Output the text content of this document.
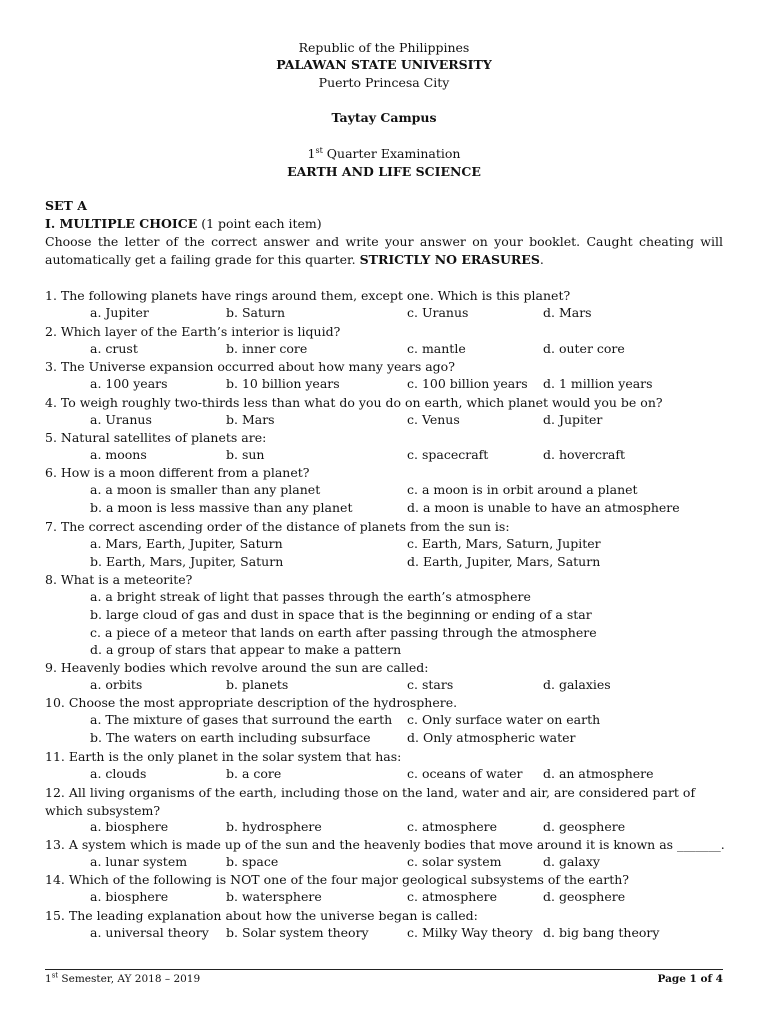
Republic of the Philippines
PALAWAN STATE UNIVERSITY
Puerto Princesa City
Taytay Campus
1st Quarter Examination
EARTH AND LIFE SCIENCE
SET A
I. MULTIPLE CHOICE (1 point each item)
Choose the letter of the correct answer and write your answer on your booklet. Caught cheating will automatically get a failing grade for this quarter. STRICTLY NO ERASURES.
1. The following planets have rings around them, except one. Which is this planet?
a. Jupiter	b. Saturn	c. Uranus	d. Mars
2. Which layer of the Earth’s interior is liquid?
a. crust	b. inner core	c. mantle	d. outer core
3. The Universe expansion occurred about how many years ago?
a. 100 years	b. 10 billion years	c. 100 billion years d. 1 million years
4. To weigh roughly two-thirds less than what do you do on earth, which planet would you be on?
a. Uranus	b. Mars	c. Venus	d. Jupiter
5. Natural satellites of planets are:
a. moons	b. sun	c. spacecraft	d. hovercraft
6. How is a moon different from a planet?
a. a moon is smaller than any planet	c. a moon is in orbit around a planet
b. a moon is less massive than any planet	d. a moon is unable to have an atmosphere
7. The correct ascending order of the distance of planets from the sun is:
a. Mars, Earth, Jupiter, Saturn	c. Earth, Mars, Saturn, Jupiter
b. Earth, Mars, Jupiter, Saturn	d. Earth, Jupiter, Mars, Saturn
8. What is a meteorite?
a. a bright streak of light that passes through the earth’s atmosphere
b. large cloud of gas and dust in space that is the beginning or ending of a star
c. a piece of a meteor that lands on earth after passing through the atmosphere
d. a group of stars that appear to make a pattern
9. Heavenly bodies which revolve around the sun are called:
a. orbits	b. planets	c. stars	d. galaxies
10. Choose the most appropriate description of the hydrosphere.
a. The mixture of gases that surround the earth c. Only surface water on earth
b. The waters on earth including subsurface	d. Only atmospheric water
11. Earth is the only planet in the solar system that has:
a. clouds	b. a core	c. oceans of water d. an atmosphere
12. All living organisms of the earth, including those on the land, water and air, are considered part of which subsystem?
a. biosphere	b. hydrosphere	c. atmosphere	d. geosphere
13. A system which is made up of the sun and the heavenly bodies that move around it is known as _______.
a. lunar system	b. space	c. solar system	d. galaxy
14. Which of the following is NOT one of the four major geological subsystems of the earth?
a. biosphere	b. watersphere	c. atmosphere	d. geosphere
15. The leading explanation about how the universe began is called:
a. universal theory b. Solar system theory	c. Milky Way theory d. big bang theory
1st Semester, AY 2018 – 2019	Page 1 of 4
